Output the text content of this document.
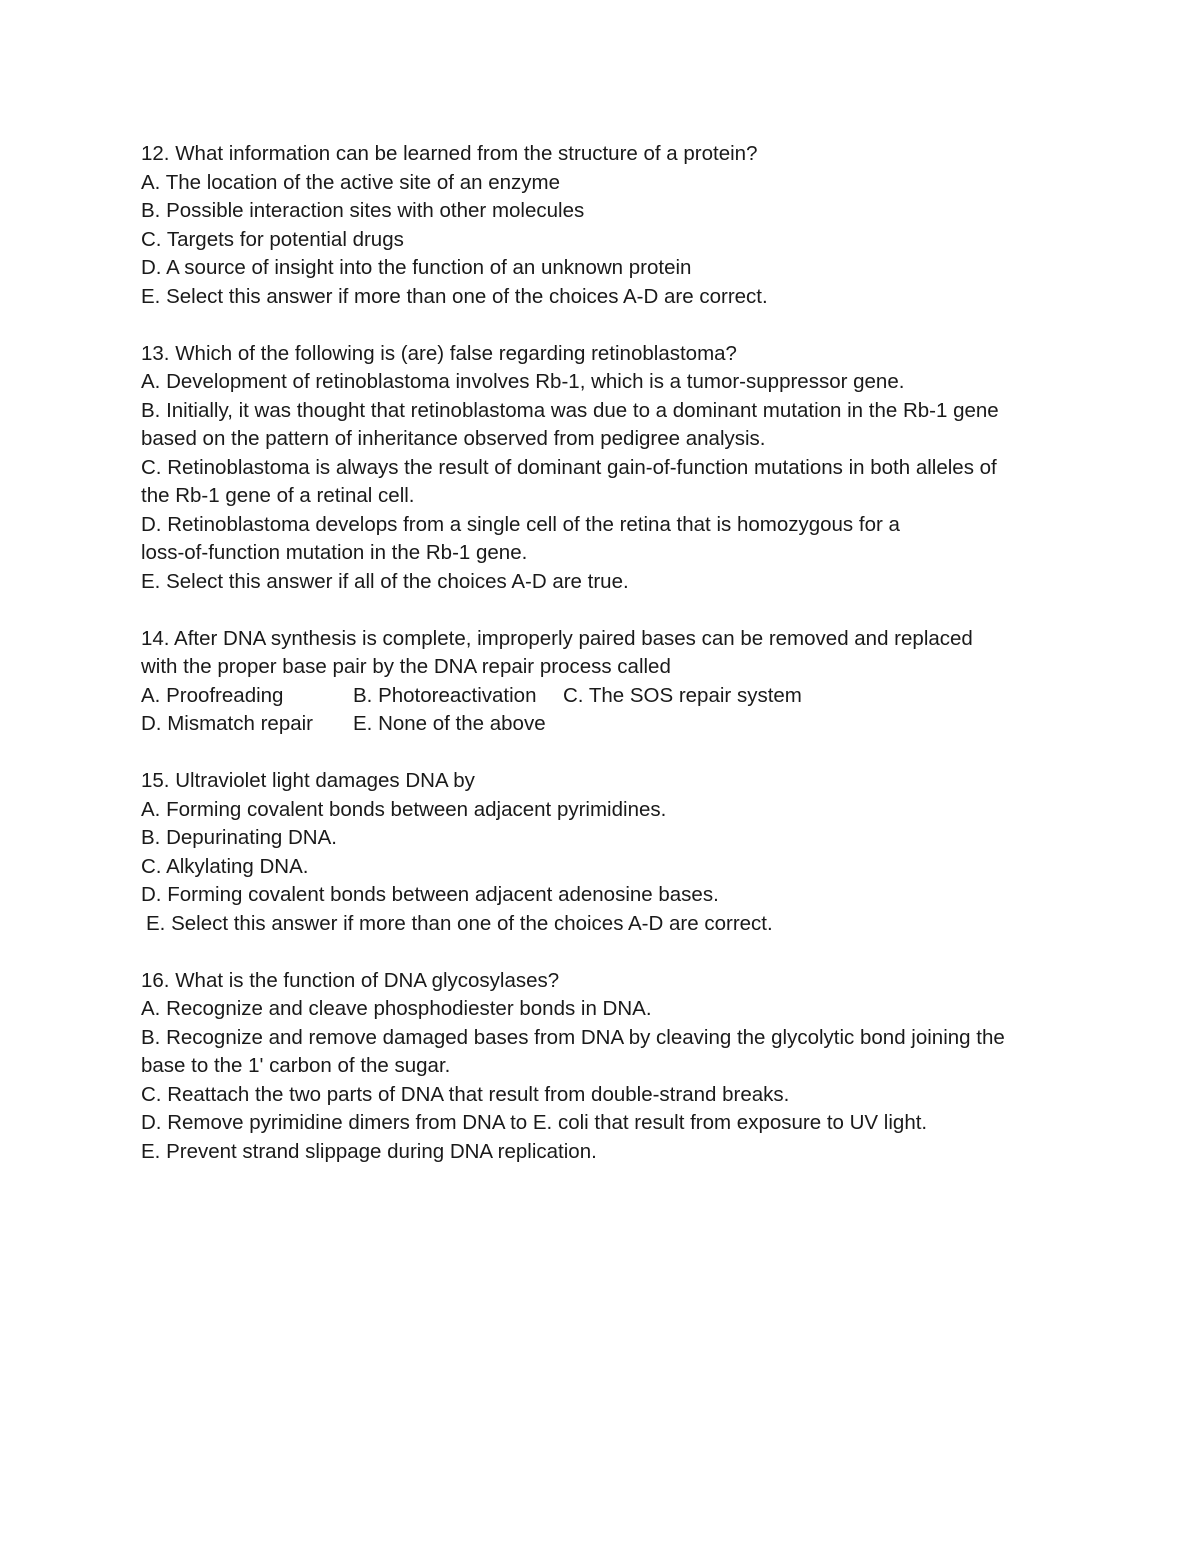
12. What information can be learned from the structure of a protein?
A. The location of the active site of an enzyme
B. Possible interaction sites with other molecules
C. Targets for potential drugs
D. A source of insight into the function of an unknown protein
E. Select this answer if more than one of the choices A-D are correct.
13. Which of the following is (are) false regarding retinoblastoma?
A. Development of retinoblastoma involves Rb-1, which is a tumor-suppressor gene.
B. Initially, it was thought that retinoblastoma was due to a dominant mutation in the Rb-1 gene
based on the pattern of inheritance observed from pedigree analysis.
C. Retinoblastoma is always the result of dominant gain-of-function mutations in both alleles of
the Rb-1 gene of a retinal cell.
D. Retinoblastoma develops from a single cell of the retina that is homozygous for a
loss-of-function mutation in the Rb-1 gene.
E. Select this answer if all of the choices A-D are true.
14. After DNA synthesis is complete, improperly paired bases can be removed and replaced
with the proper base pair by the DNA repair process called
A. Proofreading	B. Photoreactivation C. The SOS repair system
D. Mismatch repair E. None of the above
15. Ultraviolet light damages DNA by
A. Forming covalent bonds between adjacent pyrimidines.
B. Depurinating DNA.
C. Alkylating DNA.
D. Forming covalent bonds between adjacent adenosine bases.
E. Select this answer if more than one of the choices A-D are correct.
16. What is the function of DNA glycosylases?
A. Recognize and cleave phosphodiester bonds in DNA.
B. Recognize and remove damaged bases from DNA by cleaving the glycolytic bond joining the
base to the 1' carbon of the sugar.
C. Reattach the two parts of DNA that result from double-strand breaks.
D. Remove pyrimidine dimers from DNA to E. coli that result from exposure to UV light.
E. Prevent strand slippage during DNA replication.
